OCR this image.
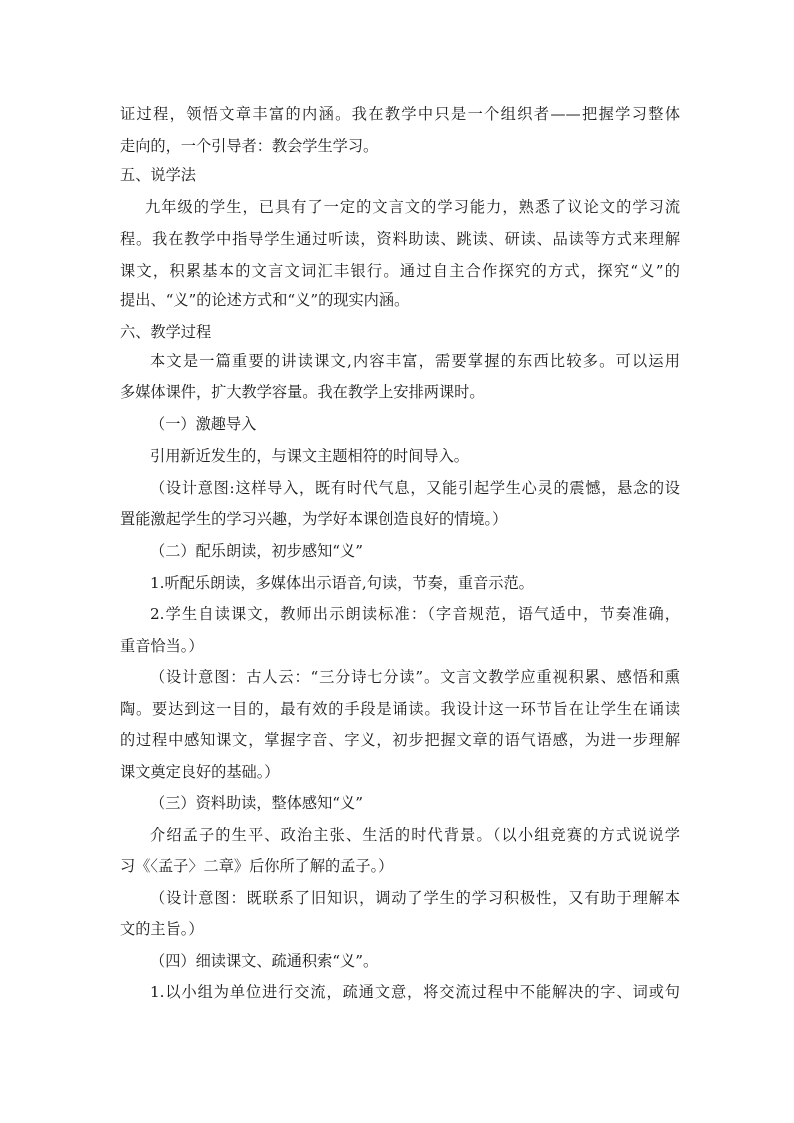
证过程，领悟文章丰富的内涵。我在教学中只是一个组织者——把握学习整体
走向的，一个引导者：教会学生学习。
五、说学法
九年级的学生，已具有了一定的文言文的学习能力，熟悉了议论文的学习流
程。我在教学中指导学生通过听读，资料助读、跳读、研读、品读等方式来理解
课文，积累基本的文言文词汇丰银行。通过自主合作探究的方式，探究“义”的
提出、“义”的论述方式和“义”的现实内涵。
六、教学过程
本文是一篇重要的讲读课文,内容丰富，需要掌握的东西比较多。可以运用
多媒体课件，扩大教学容量。我在教学上安排两课时。
（一）激趣导入
引用新近发生的，与课文主题相符的时间导入。
（设计意图:这样导入，既有时代气息，又能引起学生心灵的震憾，悬念的设
置能激起学生的学习兴趣，为学好本课创造良好的情境。）
（二）配乐朗读，初步感知“义”
1.听配乐朗读，多媒体出示语音,句读，节奏，重音示范。
2.学生自读课文，教师出示朗读标准：（字音规范，语气适中，节奏准确，
重音恰当。）
（设计意图：古人云：“三分诗七分读”。文言文教学应重视积累、感悟和熏
陶。要达到这一目的，最有效的手段是诵读。我设计这一环节旨在让学生在诵读
的过程中感知课文，掌握字音、字义，初步把握文章的语气语感，为进一步理解
课文奠定良好的基础。）
（三）资料助读，整体感知“义”
介绍孟子的生平、政治主张、生活的时代背景。（以小组竞赛的方式说说学
习《〈孟子〉二章》后你所了解的孟子。）
（设计意图：既联系了旧知识，调动了学生的学习积极性，又有助于理解本
文的主旨。）
（四）细读课文、疏通积索“义”。
1.以小组为单位进行交流，疏通文意，将交流过程中不能解决的字、词或句
